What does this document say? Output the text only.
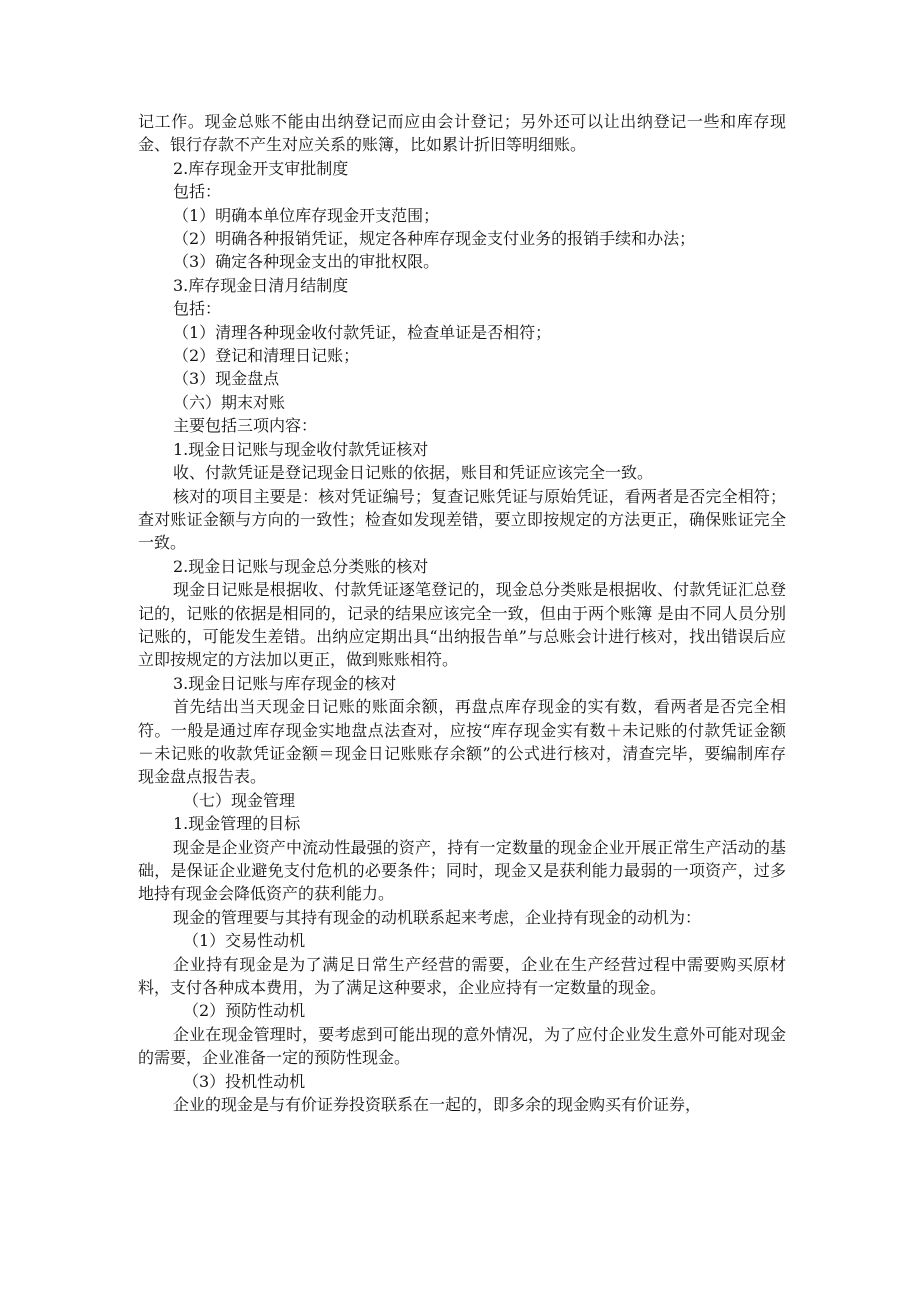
记工作。现金总账不能由出纳登记而应由会计登记；另外还可以让出纳登记一些和库存现金、银行存款不产生对应关系的账簿，比如累计折旧等明细账。

2.库存现金开支审批制度

包括：

（1）明确本单位库存现金开支范围；

（2）明确各种报销凭证，规定各种库存现金支付业务的报销手续和办法；

（3）确定各种现金支出的审批权限。

3.库存现金日清月结制度

包括：

（1）清理各种现金收付款凭证，检查单证是否相符；

（2）登记和清理日记账；

（3）现金盘点

（六）期末对账

主要包括三项内容：

1.现金日记账与现金收付款凭证核对

收、付款凭证是登记现金日记账的依据，账目和凭证应该完全一致。

核对的项目主要是：核对凭证编号；复查记账凭证与原始凭证，看两者是否完全相符；查对账证金额与方向的一致性；检查如发现差错，要立即按规定的方法更正，确保账证完全一致。

2.现金日记账与现金总分类账的核对

现金日记账是根据收、付款凭证逐笔登记的，现金总分类账是根据收、付款凭证汇总登记的，记账的依据是相同的，记录的结果应该完全一致，但由于两个账簿 是由不同人员分别记账的，可能发生差错。出纳应定期出具“出纳报告单”与总账会计进行核对，找出错误后应立即按规定的方法加以更正，做到账账相符。

3.现金日记账与库存现金的核对

首先结出当天现金日记账的账面余额，再盘点库存现金的实有数，看两者是否完全相符。一般是通过库存现金实地盘点法查对，应按“库存现金实有数＋未记账的付款凭证金额－未记账的收款凭证金额＝现金日记账账存余额”的公式进行核对，清查完毕，要编制库存现金盘点报告表。

（七）现金管理

1.现金管理的目标

现金是企业资产中流动性最强的资产，持有一定数量的现金企业开展正常生产活动的基础，是保证企业避免支付危机的必要条件；同时，现金又是获利能力最弱的一项资产，过多地持有现金会降低资产的获利能力。

现金的管理要与其持有现金的动机联系起来考虑，企业持有现金的动机为：

（1）交易性动机

企业持有现金是为了满足日常生产经营的需要，企业在生产经营过程中需要购买原材料，支付各种成本费用，为了满足这种要求，企业应持有一定数量的现金。

（2）预防性动机

企业在现金管理时，要考虑到可能出现的意外情况，为了应付企业发生意外可能对现金的需要，企业准备一定的预防性现金。

（3）投机性动机

企业的现金是与有价证券投资联系在一起的，即多余的现金购买有价证券，
